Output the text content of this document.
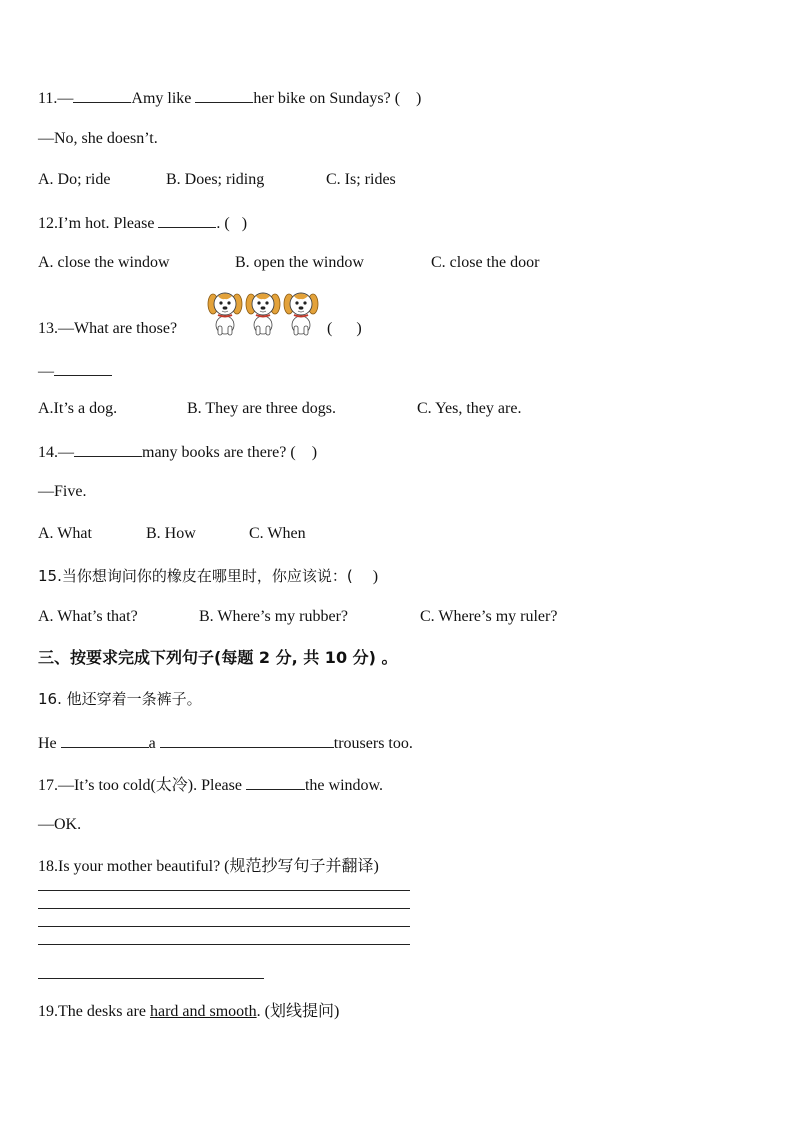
11.—	Amy like	her bike on Sundays? ( )
—No, she doesn’t.
A. Do; ride	B. Does; riding	C. Is; rides
12.I’m hot. Please	. ( )
A. close the window	B. open the window	C. close the door
13.—What are those?	( )
—
A.It’s a dog.	B. They are three dogs.	C. Yes, they are.
14.—	many books are there? ( )
—Five.
A. What	B. How	C. When
15.当你想询问你的橡皮在哪里时，你应该说：( )
A. What’s that?	B. Where’s my rubber?	C. Where’s my ruler?
三、按要求完成下列句子(每题 2 分, 共 10 分) 。
16. 他还穿着一条裤子。
He	a	trousers too.
17.—It’s too cold(太冷). Please	the window.
—OK.
18.Is your mother beautiful? (规范抄写句子并翻译)
19.The desks are hard and smooth. (划线提问)
